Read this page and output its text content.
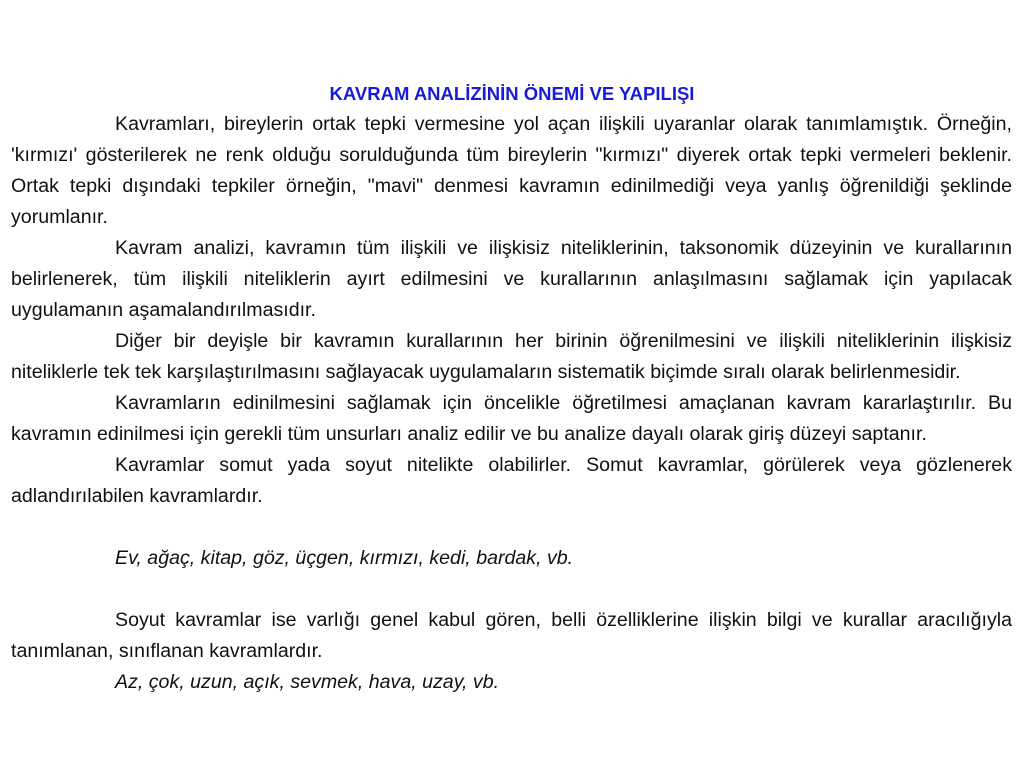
KAVRAM ANALİZİNİN ÖNEMİ VE YAPILIŞI

Kavramları, bireylerin ortak tepki vermesine yol açan ilişkili uyaranlar olarak tanımlamıştık. Örneğin, 'kırmızı' gösterilerek ne renk olduğu sorulduğunda tüm bireylerin "kırmızı" diyerek ortak tepki vermeleri beklenir. Ortak tepki dışındaki tepkiler örneğin, "mavi" denmesi kavramın edinilmediği veya yanlış öğrenildiği şeklinde yorumlanır.

Kavram analizi, kavramın tüm ilişkili ve ilişkisiz niteliklerinin, taksonomik düzeyinin ve kurallarının belirlenerek, tüm ilişkili niteliklerin ayırt edilmesini ve kurallarının anlaşılmasını sağlamak için yapılacak uygulamanın aşamalandırılmasıdır.

Diğer bir deyişle bir kavramın kurallarının her birinin öğrenilmesini ve ilişkili niteliklerinin ilişkisiz niteliklerle tek tek karşılaştırılmasını sağlayacak uygulamaların sistematik biçimde sıralı olarak belirlenmesidir.

Kavramların edinilmesini sağlamak için öncelikle öğretilmesi amaçlanan kavram kararlaştırılır. Bu kavramın edinilmesi için gerekli tüm unsurları analiz edilir ve bu analize dayalı olarak giriş düzeyi saptanır.

Kavramlar somut yada soyut nitelikte olabilirler. Somut kavramlar, görülerek veya gözlenerek adlandırılabilen kavramlardır.

Ev, ağaç, kitap, göz, üçgen, kırmızı, kedi, bardak, vb.

Soyut kavramlar ise varlığı genel kabul gören, belli özelliklerine ilişkin bilgi ve kurallar aracılığıyla tanımlanan, sınıflanan kavramlardır.

Az, çok, uzun, açık, sevmek, hava, uzay, vb.
